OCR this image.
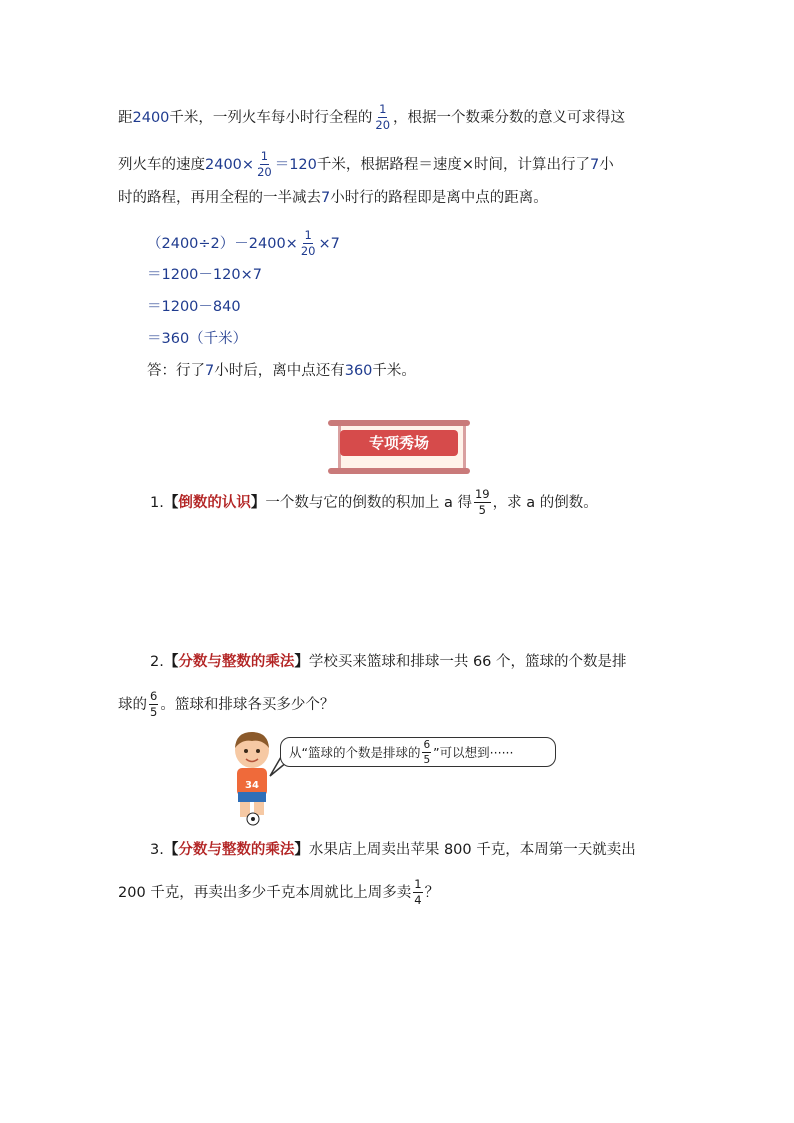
距 2400 千米，一列火车每小时行全程的 $\frac{1}{20}$ ，根据一个数乘分数的意义可求得这
列火车的速度 $2400\times \frac{1}{20} =120$ 千米，根据路程＝速度×时间，计算出行了 7 小
时的路程，再用全程的一半减去 7 小时行的路程即是离中点的距离。
$(2400\div 2)-2400\times \frac{1}{20} \times 7$
＝1200－120×7
＝1200－840
＝360（千米）
答：行了 7 小时后，离中点还有 360 千米。
专项秀场
1. 【 倒数的认识 】 一个数与它的倒数的积加上 a 得 $\frac{19}{5}$ ，求 a 的倒数。
2. 【 分数与整数的乘法 】 学校买来篮球和排球一共 66 个，篮球的个数是排
球的 $\frac{6}{5}$ 。篮球和排球各买多少个？
34
从“篮球的个数是排球的 $\frac{6}{5}$ ”可以想到······
3. 【 分数与整数的乘法 】 水果店上周卖出苹果 800 千克，本周第一天就卖出
200 千克，再卖出多少千克本周就比上周多卖 $\frac{1}{4}$ ？
